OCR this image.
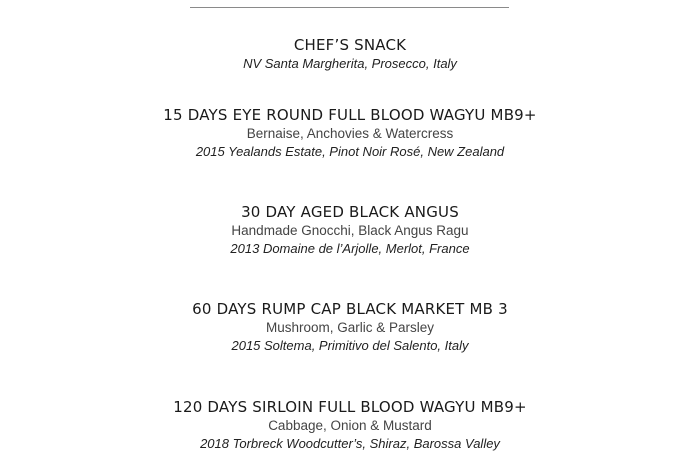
CHEF’S SNACK
NV Santa Margherita, Prosecco, Italy
15 DAYS EYE ROUND FULL BLOOD WAGYU MB9+
Bernaise, Anchovies & Watercress
2015 Yealands Estate, Pinot Noir Rosé, New Zealand
30 DAY AGED BLACK ANGUS
Handmade Gnocchi, Black Angus Ragu
2013 Domaine de l’Arjolle, Merlot, France
60 DAYS RUMP CAP BLACK MARKET MB 3
Mushroom, Garlic & Parsley
2015 Soltema, Primitivo del Salento, Italy
120 DAYS SIRLOIN FULL BLOOD WAGYU MB9+
Cabbage, Onion & Mustard
2018 Torbreck Woodcutter’s, Shiraz, Barossa Valley
